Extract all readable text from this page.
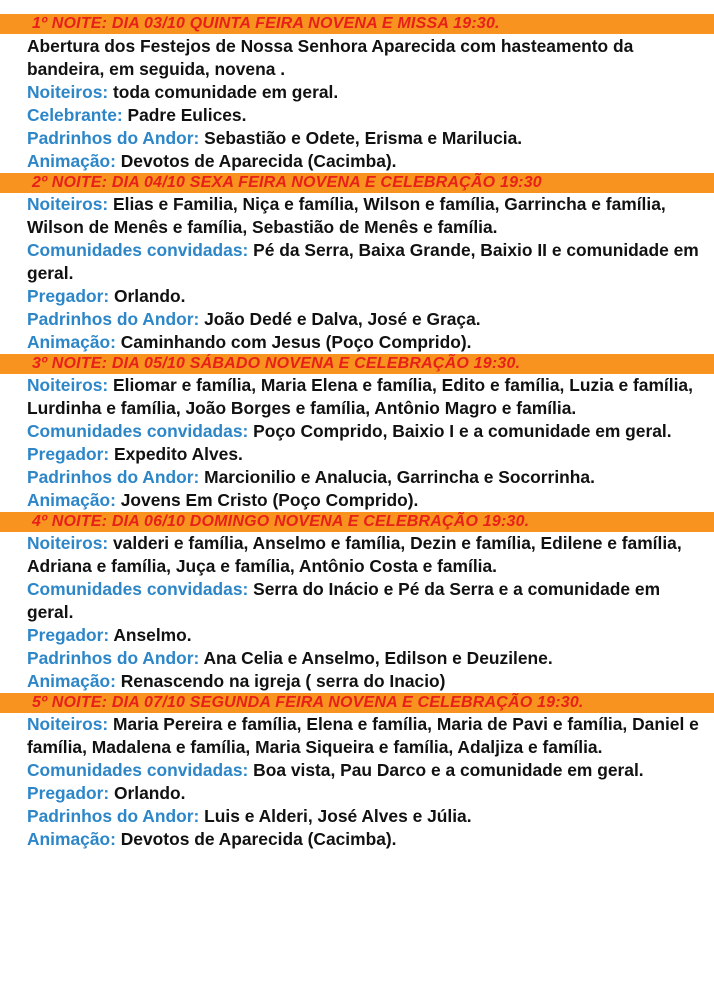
1º NOITE: DIA 03/10 QUINTA FEIRA NOVENA E MISSA 19:30.

Abertura dos Festejos de Nossa Senhora Aparecida com hasteamento da bandeira, em seguida, novena .

Noiteiros: toda comunidade em geral.

Celebrante: Padre Eulices.

Padrinhos do Andor: Sebastião e Odete, Erisma e Marilucia.

Animação: Devotos de Aparecida (Cacimba).

2º NOITE: DIA 04/10 SEXA FEIRA NOVENA E CELEBRAÇÃO 19:30

Noiteiros: Elias e Familia, Niça e família, Wilson e família, Garrincha e família, Wilson de Menês e família, Sebastião de Menês e família.

Comunidades convidadas: Pé da Serra, Baixa Grande, Baixio II e comunidade em geral.

Pregador: Orlando.

Padrinhos do Andor: João Dedé e Dalva, José e Graça.

Animação: Caminhando com Jesus (Poço Comprido).

3º NOITE: DIA 05/10 SÁBADO NOVENA E CELEBRAÇÃO 19:30.

Noiteiros: Eliomar e família, Maria Elena e família, Edito e família, Luzia e família, Lurdinha e família, João Borges e família, Antônio Magro e família.

Comunidades convidadas: Poço Comprido, Baixio I e a comunidade em geral.

Pregador: Expedito Alves.

Padrinhos do Andor: Marcionilio e Analucia, Garrincha e Socorrinha.

Animação: Jovens Em Cristo (Poço Comprido).

4º NOITE: DIA 06/10 DOMINGO NOVENA E CELEBRAÇÃO 19:30.

Noiteiros: valderi e família, Anselmo e família, Dezin e família, Edilene e família, Adriana e família, Juça e família, Antônio Costa e família.

Comunidades convidadas: Serra do Inácio e Pé da Serra e a comunidade em geral.

Pregador: Anselmo.

Padrinhos do Andor: Ana Celia e Anselmo, Edilson e Deuzilene.

Animação: Renascendo na igreja ( serra do Inacio)

5º NOITE: DIA 07/10 SEGUNDA FEIRA NOVENA E CELEBRAÇÃO 19:30.

Noiteiros: Maria Pereira e família, Elena e família, Maria de Pavi e família, Daniel e família, Madalena e família, Maria Siqueira e família, Adaljiza e família.

Comunidades convidadas: Boa vista, Pau Darco e a comunidade em geral.

Pregador: Orlando.

Padrinhos do Andor: Luis e Alderi, José Alves e Júlia.

Animação: Devotos de Aparecida (Cacimba).
